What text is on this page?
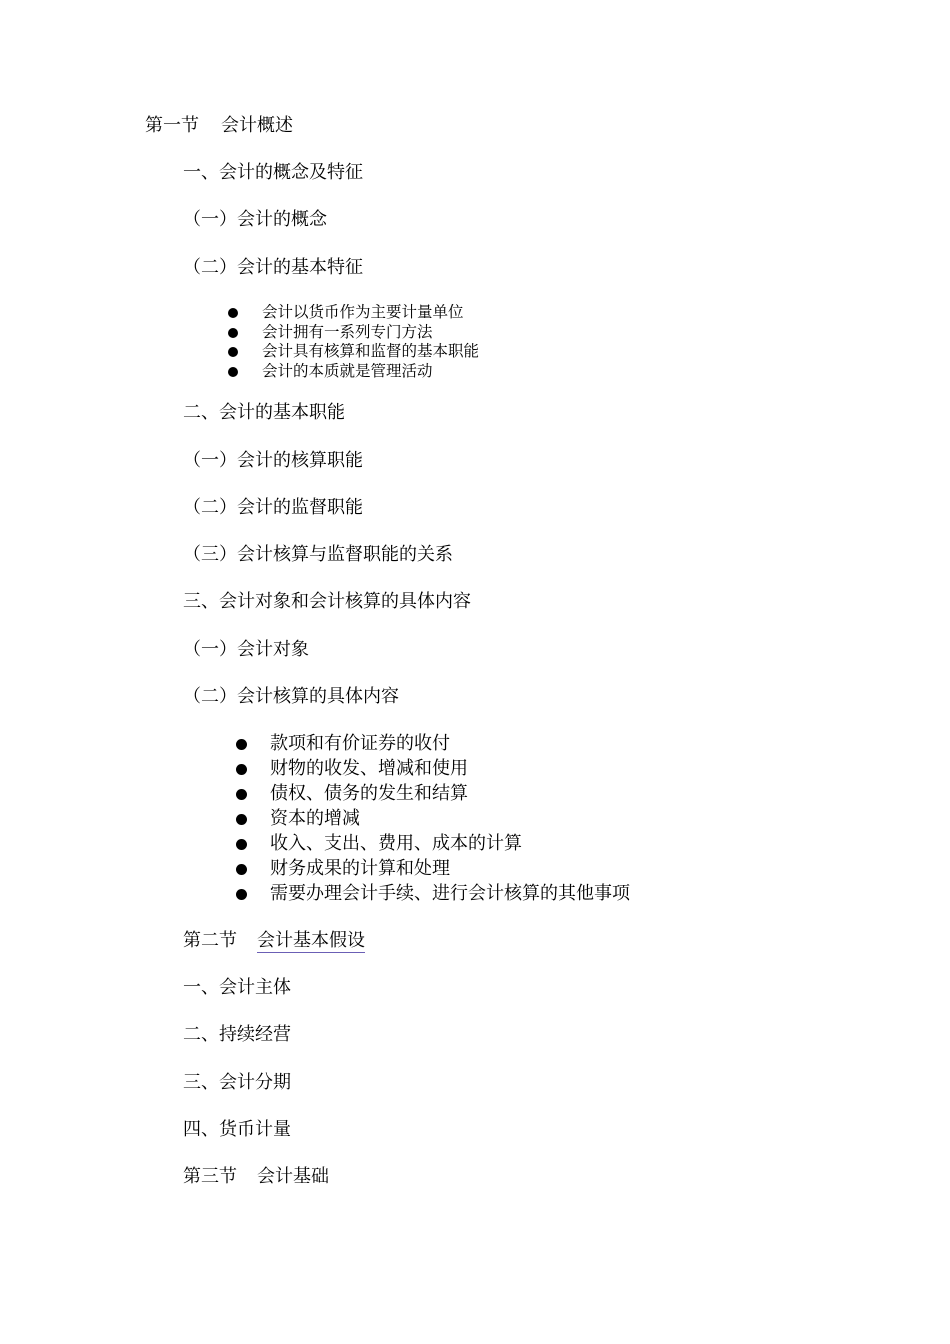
第一节 会计概述
一、会计的概念及特征
（一）会计的概念
（二）会计的基本特征
会计以货币作为主要计量单位
会计拥有一系列专门方法
会计具有核算和监督的基本职能
会计的本质就是管理活动
二、会计的基本职能
（一）会计的核算职能
（二）会计的监督职能
（三）会计核算与监督职能的关系
三、会计对象和会计核算的具体内容
（一）会计对象
（二）会计核算的具体内容
款项和有价证券的收付
财物的收发、增减和使用
债权、债务的发生和结算
资本的增减
收入、支出、费用、成本的计算
财务成果的计算和处理
需要办理会计手续、进行会计核算的其他事项
第二节 会计基本假设
一、会计主体
二、持续经营
三、会计分期
四、货币计量
第三节 会计基础
